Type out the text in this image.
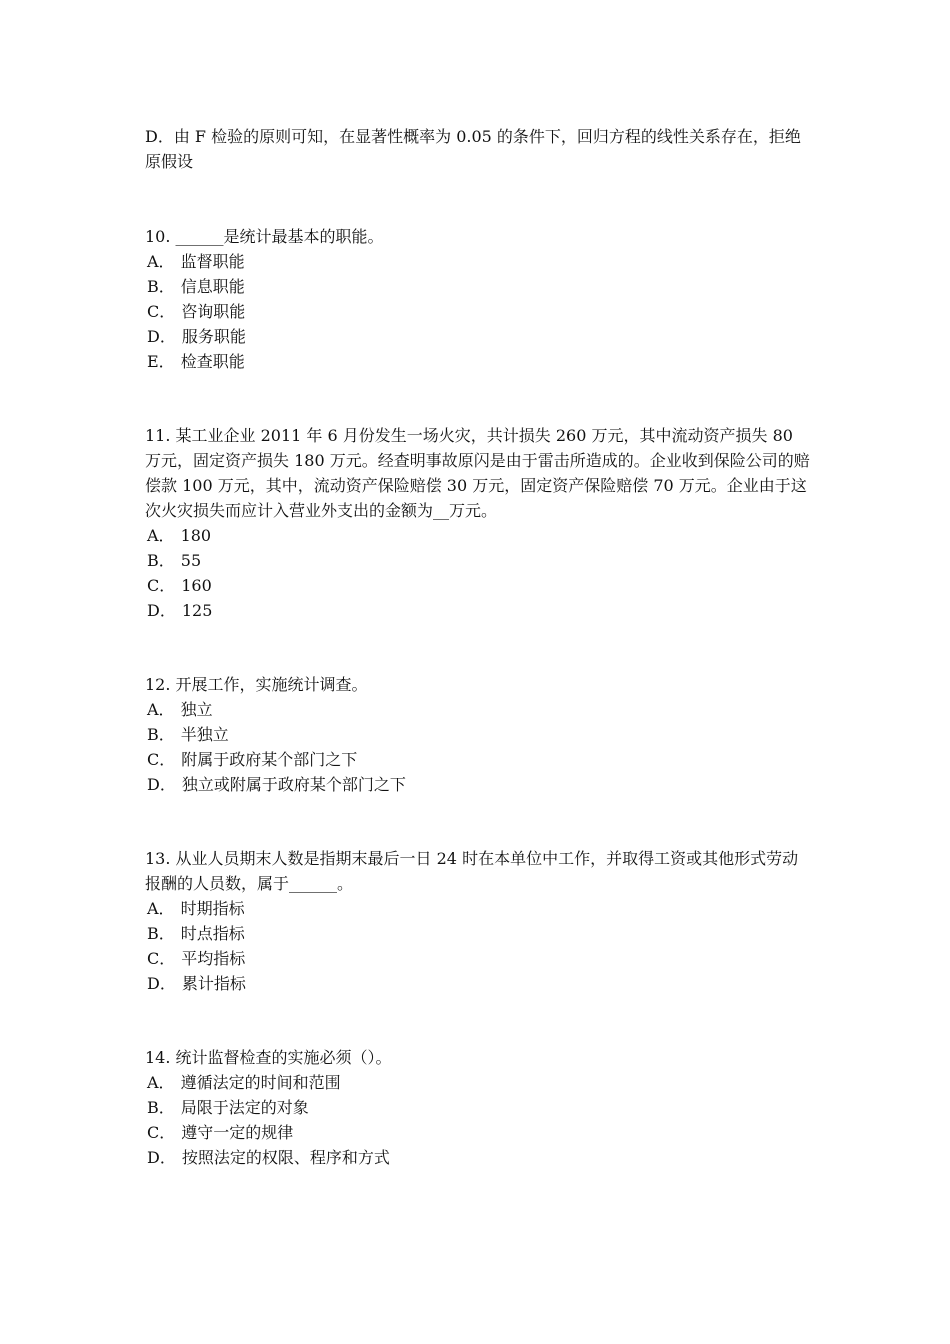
D．由 F 检验的原则可知，在显著性概率为 0.05 的条件下，回归方程的线性关系存在，拒绝原假设
10. ______是统计最基本的职能。
A． 监督职能
B． 信息职能
C． 咨询职能
D． 服务职能
E． 检查职能
11. 某工业企业 2011 年 6 月份发生一场火灾，共计损失 260 万元，其中流动资产损失 80 万元，固定资产损失 180 万元。经查明事故原闪是由于雷击所造成的。企业收到保险公司的赔偿款 100 万元，其中，流动资产保险赔偿 30 万元，固定资产保险赔偿 70 万元。企业由于这次火灾损失而应计入营业外支出的金额为__万元。
A． 180
B． 55
C． 160
D． 125
12. 开展工作，实施统计调查。
A． 独立
B． 半独立
C． 附属于政府某个部门之下
D． 独立或附属于政府某个部门之下
13. 从业人员期末人数是指期末最后一日 24 时在本单位中工作，并取得工资或其他形式劳动报酬的人员数，属于______。
A． 时期指标
B． 时点指标
C． 平均指标
D． 累计指标
14. 统计监督检查的实施必须（）。
A． 遵循法定的时间和范围
B． 局限于法定的对象
C． 遵守一定的规律
D． 按照法定的权限、程序和方式
